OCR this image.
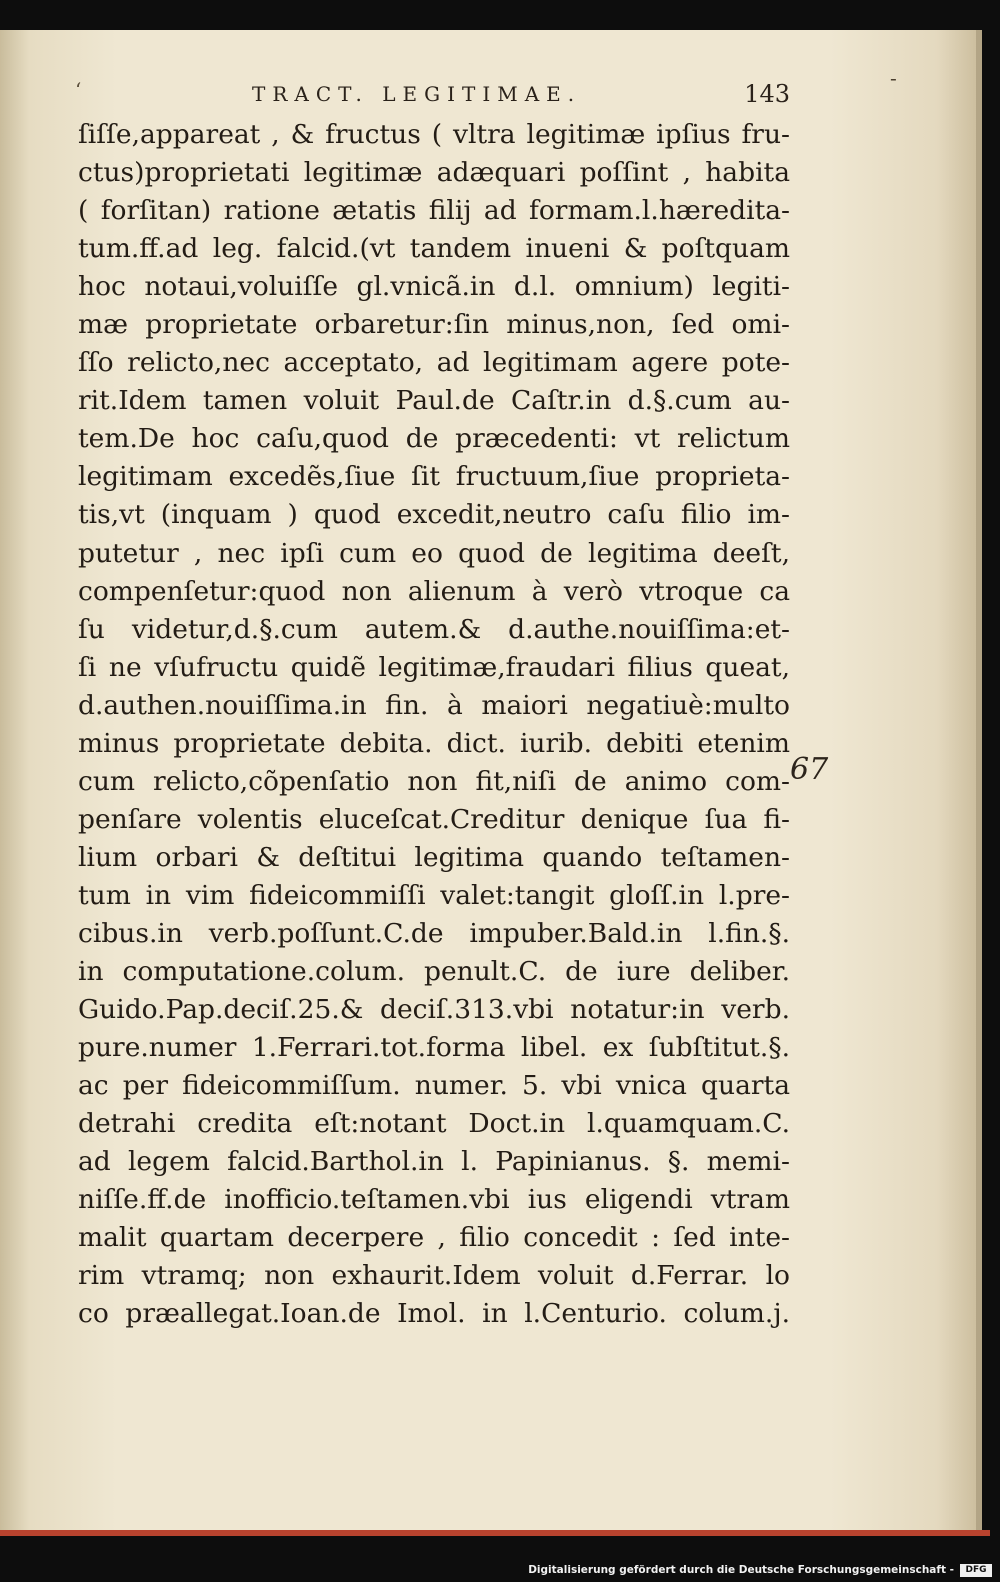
ʻ	-
TRACT. LEGITIMAE.	143
ſiſſe,appareat , & fructus ( vltra legitimæ ipſius fru-
ctus)proprietati legitimæ adæquari poſſint , habita
( forſitan) ratione ætatis filij ad formam.l.hæredita-
tum.ff.ad leg. falcid.(vt tandem inueni & poſtquam
hoc notaui,voluiſſe gl.vnicã.in d.l. omnium) legiti-
mæ proprietate orbaretur:ſin minus,non, ſed omi-
ſſo relicto,nec acceptato, ad legitimam agere pote-
rit.Idem tamen voluit Paul.de Caſtr.in d.§.cum au-
tem.De hoc caſu,quod de præcedenti: vt relictum
legitimam excedẽs,ſiue ſit fructuum,ſiue proprieta-
tis,vt (inquam ) quod excedit,neutro caſu filio im-
putetur , nec ipſi cum eo quod de legitima deeſt,
compenſetur:quod non alienum à verò vtroque ca
ſu videtur,d.§.cum autem.& d.authe.nouiſſima:et-
ſi ne vſufructu quidẽ legitimæ,fraudari filius queat,
d.authen.nouiſſima.in fin. à maiori negatiuè:multo
minus proprietate debita. dict. iurib. debiti etenim
cum relicto,cõpenſatio non fit,niſi de animo com-
penſare volentis eluceſcat.Creditur denique ſua fi-
lium orbari & deſtitui legitima quando teſtamen-
tum in vim fideicommiſſi valet:tangit gloſſ.in l.pre-
cibus.in verb.poſſunt.C.de impuber.Bald.in l.fin.§.
in computatione.colum. penult.C. de iure deliber.
Guido.Pap.deciſ.25.& deciſ.313.vbi notatur:in verb.
pure.numer 1.Ferrari.tot.forma libel. ex ſubſtitut.§.
ac per fideicommiſſum. numer. 5. vbi vnica quarta
detrahi credita eſt:notant Doct.in l.quamquam.C.
ad legem falcid.Barthol.in l. Papinianus. §. memi-
niſſe.ff.de inofficio.teſtamen.vbi ius eligendi vtram
malit quartam decerpere , filio concedit : ſed inte-
rim vtramq; non exhaurit.Idem voluit d.Ferrar. lo
co præallegat.Ioan.de Imol. in l.Centurio. colum.j.
67
Digitalisierung gefördert durch die Deutsche Forschungsgemeinschaft -	DFG
